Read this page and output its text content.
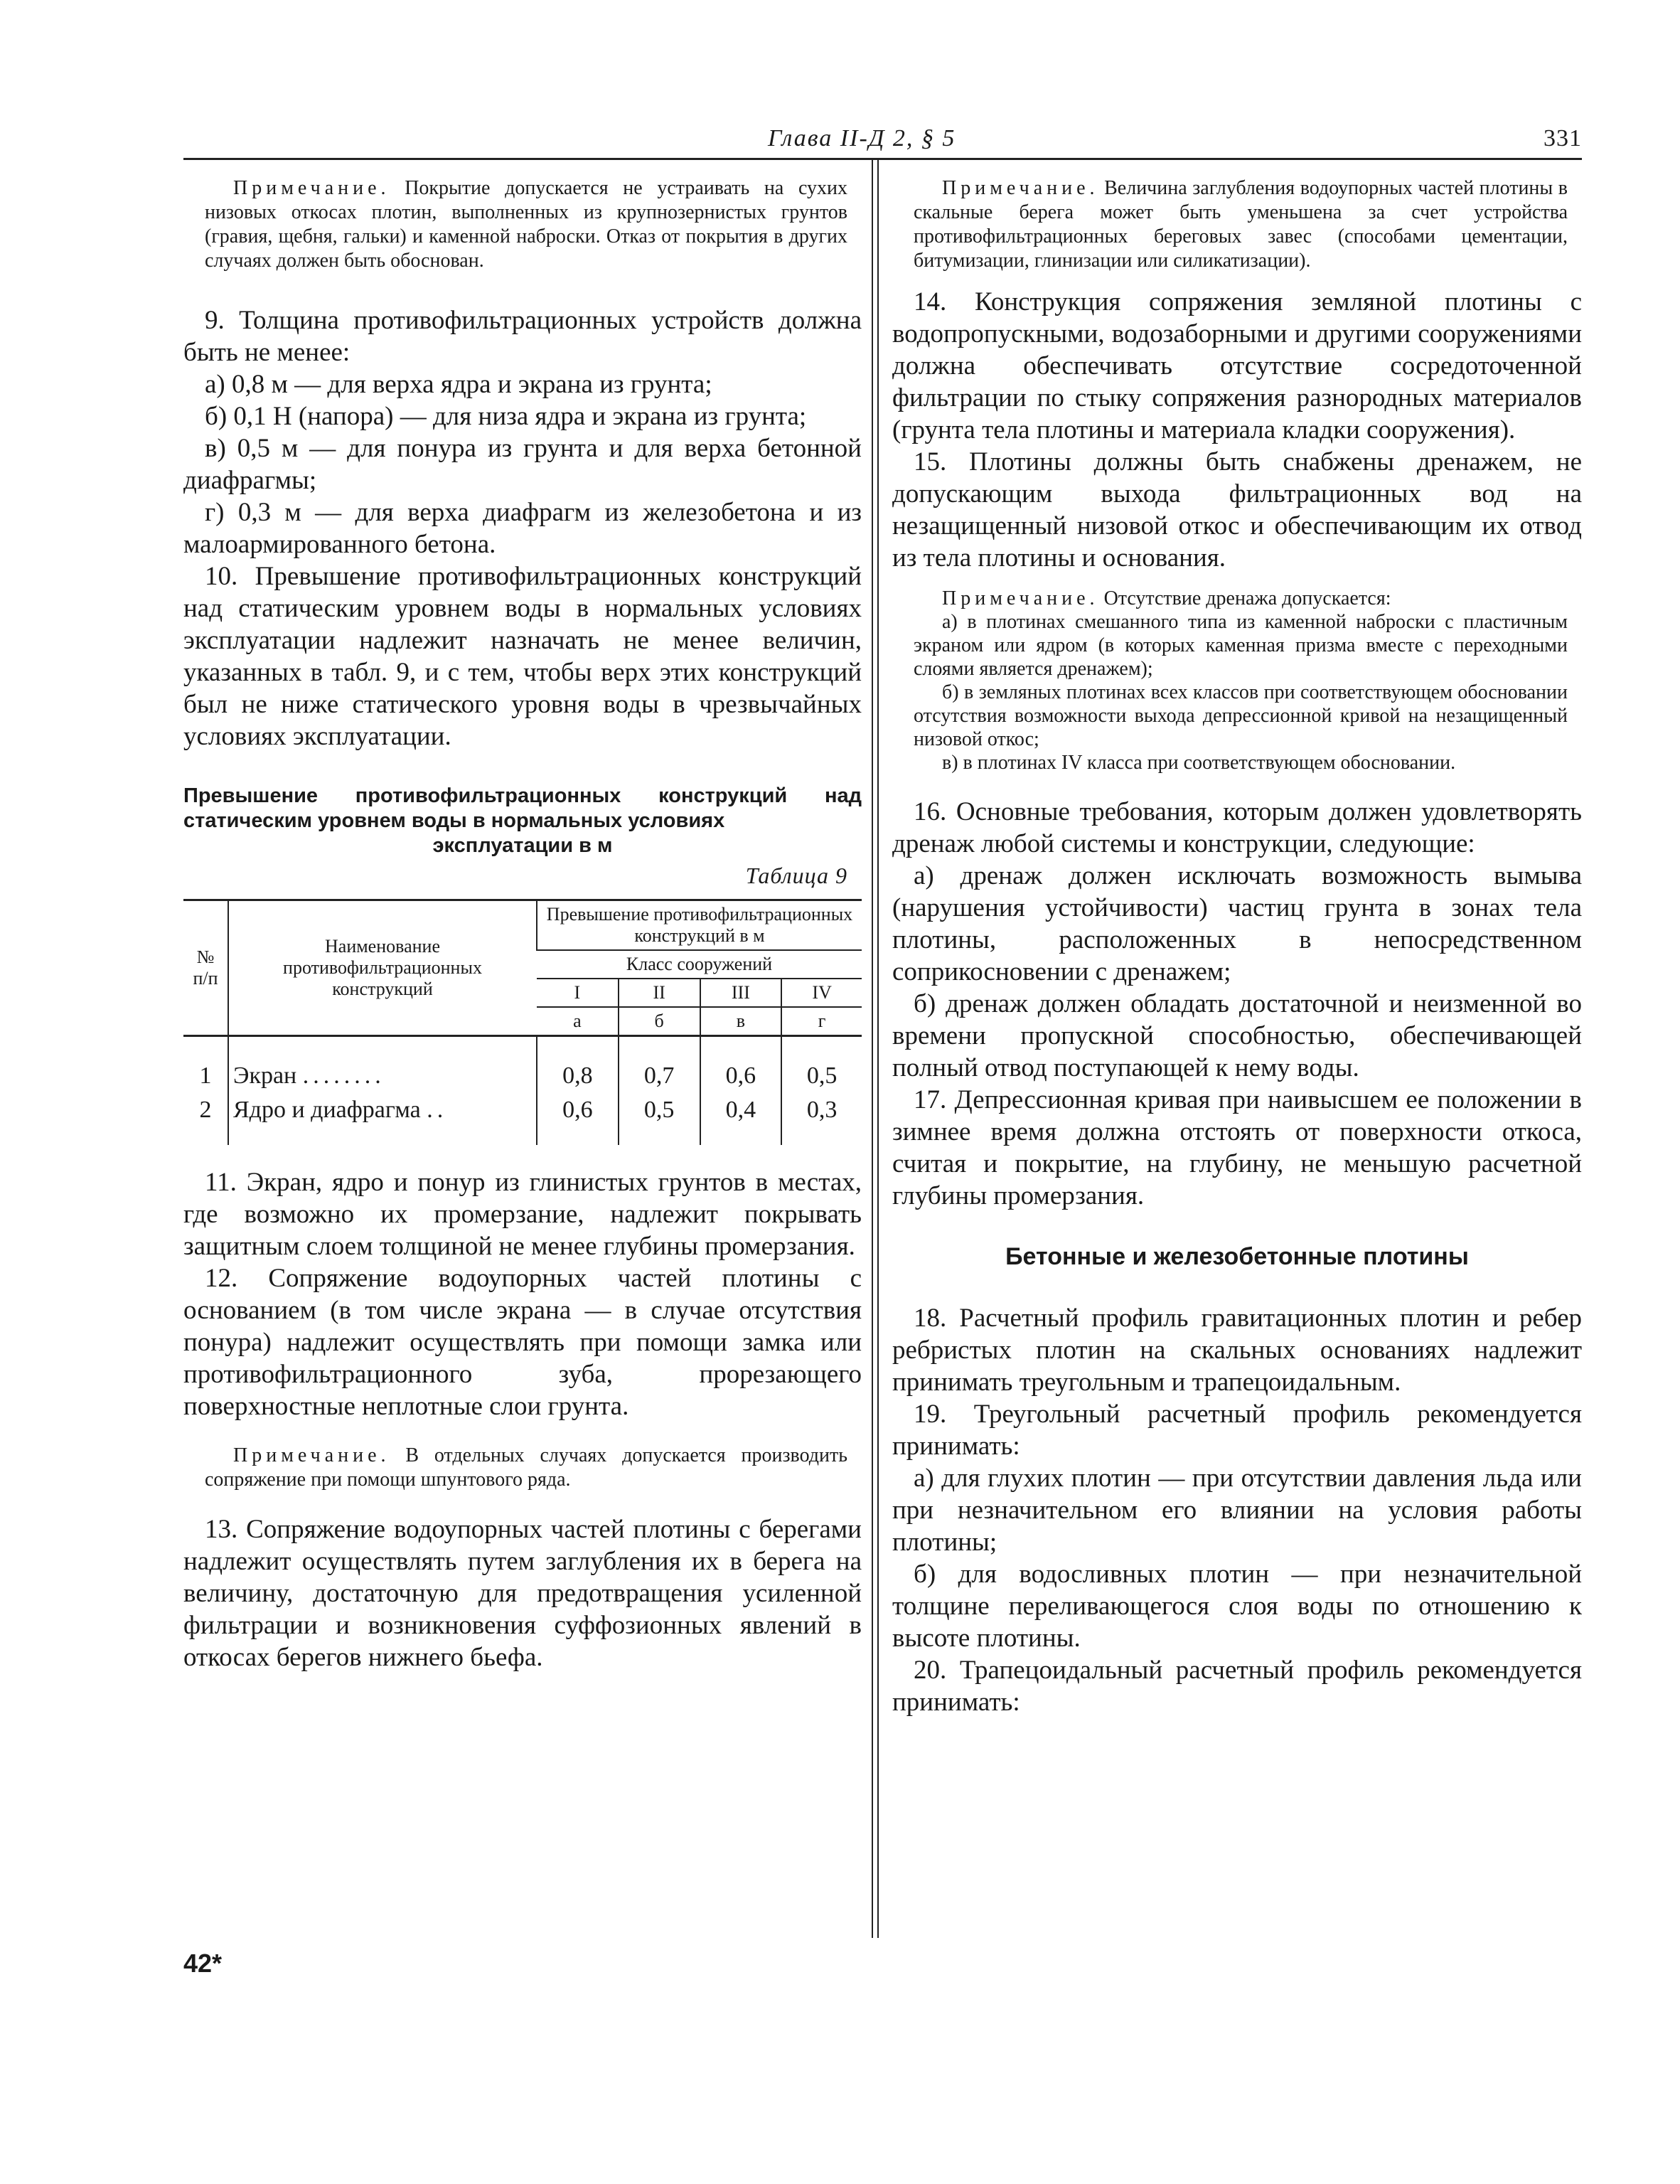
Глава II-Д 2, § 5	331

Примечание. Покрытие допускается не устраивать на сухих низовых откосах плотин, выполненных из крупнозернистых грунтов (гравия, щебня, гальки) и каменной наброски. Отказ от покрытия в других случаях должен быть обоснован.

9. Толщина противофильтрационных устройств должна быть не менее:

а) 0,8 м — для верха ядра и экрана из грунта;

б) 0,1 H (напора) — для низа ядра и экрана из грунта;

в) 0,5 м — для понура из грунта и для верха бетонной диафрагмы;

г) 0,3 м — для верха диафрагм из железобетона и из малоармированного бетона.

10. Превышение противофильтрационных конструкций над статическим уровнем воды в нормальных условиях эксплуатации надлежит назначать не менее величин, указанных в табл. 9, и с тем, чтобы верх этих конструкций был не ниже статического уровня воды в чрезвычайных условиях эксплуатации.

Превышение противофильтрационных конструкций над статическим уровнем воды в нормальных условиях

эксплуатации в м

Таблица 9

№ п/п	Наименование противофильтрационных конструкций	Превышение противофильтрационных конструкций в м			
		Класс сооружений			
		I	II	III	IV
		а	б	в	г
1	Экран ........	0,8	0,7	0,6	0,5
2	Ядро и диафрагма ..	0,6	0,5	0,4	0,3

11. Экран, ядро и понур из глинистых грунтов в местах, где возможно их промерзание, надлежит покрывать защитным слоем толщиной не менее глубины промерзания.

12. Сопряжение водоупорных частей плотины с основанием (в том числе экрана — в случае отсутствия понура) надлежит осуществлять при помощи замка или противофильтрационного зуба, прорезающего поверхностные неплотные слои грунта.

Примечание. В отдельных случаях допускается производить сопряжение при помощи шпунтового ряда.

13. Сопряжение водоупорных частей плотины с берегами надлежит осуществлять путем заглубления их в берега на величину, достаточную для предотвращения усиленной фильтрации и возникновения суффозионных явлений в откосах берегов нижнего бьефа.

42*

Примечание. Величина заглубления водоупорных частей плотины в скальные берега может быть уменьшена за счет устройства противофильтрационных береговых завес (способами цементации, битумизации, глинизации или силикатизации).

14. Конструкция сопряжения земляной плотины с водопропускными, водозаборными и другими сооружениями должна обеспечивать отсутствие сосредоточенной фильтрации по стыку сопряжения разнородных материалов (грунта тела плотины и материала кладки сооружения).

15. Плотины должны быть снабжены дренажем, не допускающим выхода фильтрационных вод на незащищенный низовой откос и обеспечивающим их отвод из тела плотины и основания.

Примечание. Отсутствие дренажа допускается:

а) в плотинах смешанного типа из каменной наброски с пластичным экраном или ядром (в которых каменная призма вместе с переходными слоями является дренажем);

б) в земляных плотинах всех классов при соответствующем обосновании отсутствия возможности выхода депрессионной кривой на незащищенный низовой откос;

в) в плотинах IV класса при соответствующем обосновании.

16. Основные требования, которым должен удовлетворять дренаж любой системы и конструкции, следующие:

а) дренаж должен исключать возможность вымыва (нарушения устойчивости) частиц грунта в зонах тела плотины, расположенных в непосредственном соприкосновении с дренажем;

б) дренаж должен обладать достаточной и неизменной во времени пропускной способностью, обеспечивающей полный отвод поступающей к нему воды.

17. Депрессионная кривая при наивысшем ее положении в зимнее время должна отстоять от поверхности откоса, считая и покрытие, на глубину, не меньшую расчетной глубины промерзания.

Бетонные и железобетонные плотины

18. Расчетный профиль гравитационных плотин и ребер ребристых плотин на скальных основаниях надлежит принимать треугольным и трапецоидальным.

19. Треугольный расчетный профиль рекомендуется принимать:

а) для глухих плотин — при отсутствии давления льда или при незначительном его влиянии на условия работы плотины;

б) для водосливных плотин — при незначительной толщине переливающегося слоя воды по отношению к высоте плотины.

20. Трапецоидальный расчетный профиль рекомендуется принимать:
